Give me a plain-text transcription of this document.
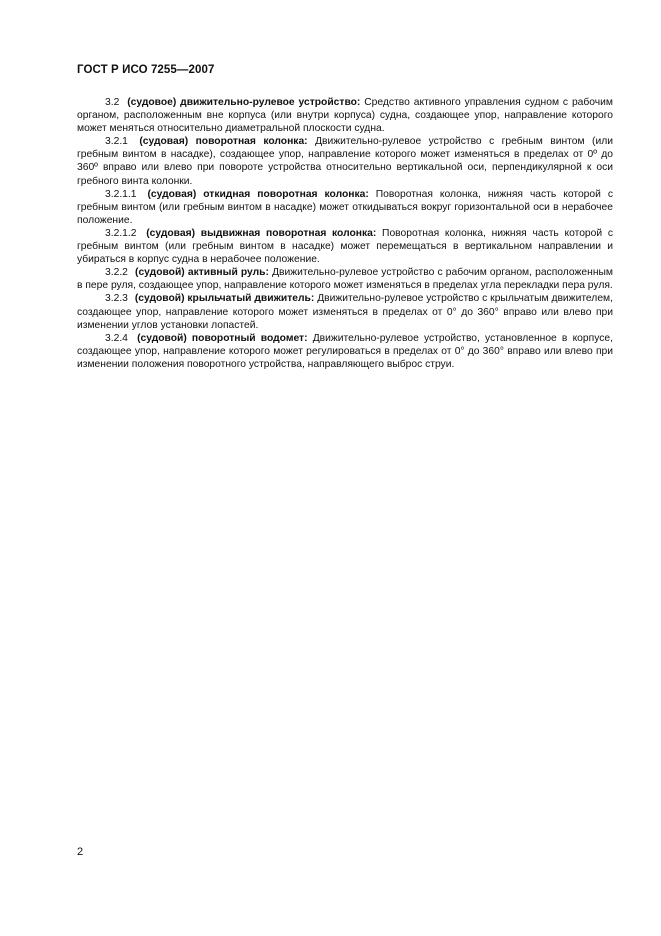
ГОСТ Р ИСО 7255—2007

3.2 (судовое) движительно-рулевое устройство: Средство активного управления судном с рабочим органом, расположенным вне корпуса (или внутри корпуса) судна, создающее упор, направление которого может меняться относительно диаметральной плоскости судна.

3.2.1 (судовая) поворотная колонка: Движительно-рулевое устройство с гребным винтом (или гребным винтом в насадке), создающее упор, направление которого может изменяться в пределах от 0º до 360º вправо или влево при повороте устройства относительно вертикальной оси, перпендикулярной к оси гребного винта колонки.

3.2.1.1 (судовая) откидная поворотная колонка: Поворотная колонка, нижняя часть которой с гребным винтом (или гребным винтом в насадке) может откидываться вокруг горизонтальной оси в нерабочее положение.

3.2.1.2 (судовая) выдвижная поворотная колонка: Поворотная колонка, нижняя часть которой с гребным винтом (или гребным винтом в насадке) может перемещаться в вертикальном направлении и убираться в корпус судна в нерабочее положение.

3.2.2 (судовой) активный руль: Движительно-рулевое устройство с рабочим органом, расположенным в пере руля, создающее упор, направление которого может изменяться в пределах угла перекладки пера руля.

3.2.3 (судовой) крыльчатый движитель: Движительно-рулевое устройство с крыльчатым движителем, создающее упор, направление которого может изменяться в пределах от 0° до 360° вправо или влево при изменении углов установки лопастей.

3.2.4 (судовой) поворотный водомет: Движительно-рулевое устройство, установленное в корпусе, создающее упор, направление которого может регулироваться в пределах от 0° до 360° вправо или влево при изменении положения поворотного устройства, направляющего выброс струи.

2
